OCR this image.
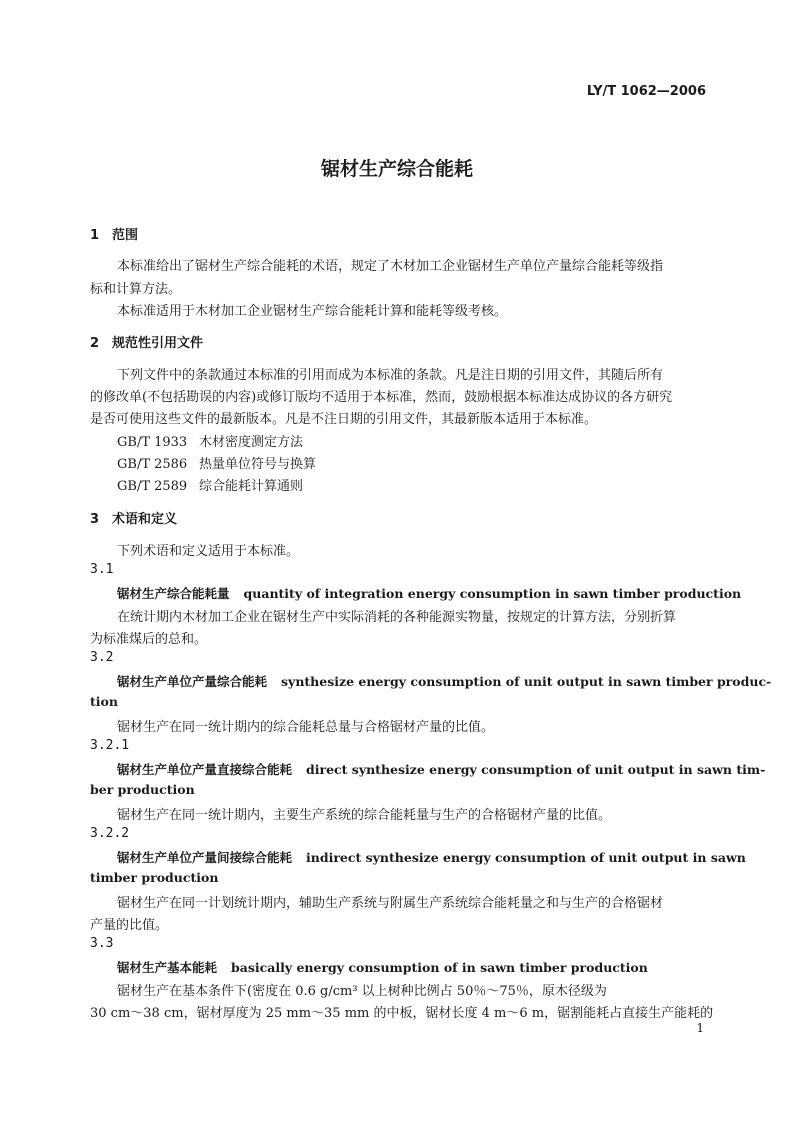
LY/T 1062—2006
锯材生产综合能耗
1 范围
本标准给出了锯材生产综合能耗的术语，规定了木材加工企业锯材生产单位产量综合能耗等级指
标和计算方法。
本标准适用于木材加工企业锯材生产综合能耗计算和能耗等级考核。
2 规范性引用文件
下列文件中的条款通过本标准的引用而成为本标准的条款。凡是注日期的引用文件，其随后所有
的修改单(不包括勘误的内容)或修订版均不适用于本标准，然而，鼓励根据本标准达成协议的各方研究
是否可使用这些文件的最新版本。凡是不注日期的引用文件，其最新版本适用于本标准。
GB/T 1933 木材密度测定方法
GB/T 2586 热量单位符号与换算
GB/T 2589 综合能耗计算通则
3 术语和定义
下列术语和定义适用于本标准。
3.1
锯材生产综合能耗量 quantity of integration energy consumption in sawn timber production
在统计期内木材加工企业在锯材生产中实际消耗的各种能源实物量，按规定的计算方法，分别折算
为标准煤后的总和。
3.2
锯材生产单位产量综合能耗 synthesize energy consumption of unit output in sawn timber produc-
tion
锯材生产在同一统计期内的综合能耗总量与合格锯材产量的比值。
3.2.1
锯材生产单位产量直接综合能耗 direct synthesize energy consumption of unit output in sawn tim-
ber production
锯材生产在同一统计期内，主要生产系统的综合能耗量与生产的合格锯材产量的比值。
3.2.2
锯材生产单位产量间接综合能耗 indirect synthesize energy consumption of unit output in sawn
timber production
锯材生产在同一计划统计期内，辅助生产系统与附属生产系统综合能耗量之和与生产的合格锯材
产量的比值。
3.3
锯材生产基本能耗 basically energy consumption of in sawn timber production
锯材生产在基本条件下(密度在 0.6 g/cm³ 以上树种比例占 50％～75％，原木径级为
30 cm～38 cm，锯材厚度为 25 mm～35 mm 的中板，锯材长度 4 m～6 m，锯割能耗占直接生产能耗的
1
